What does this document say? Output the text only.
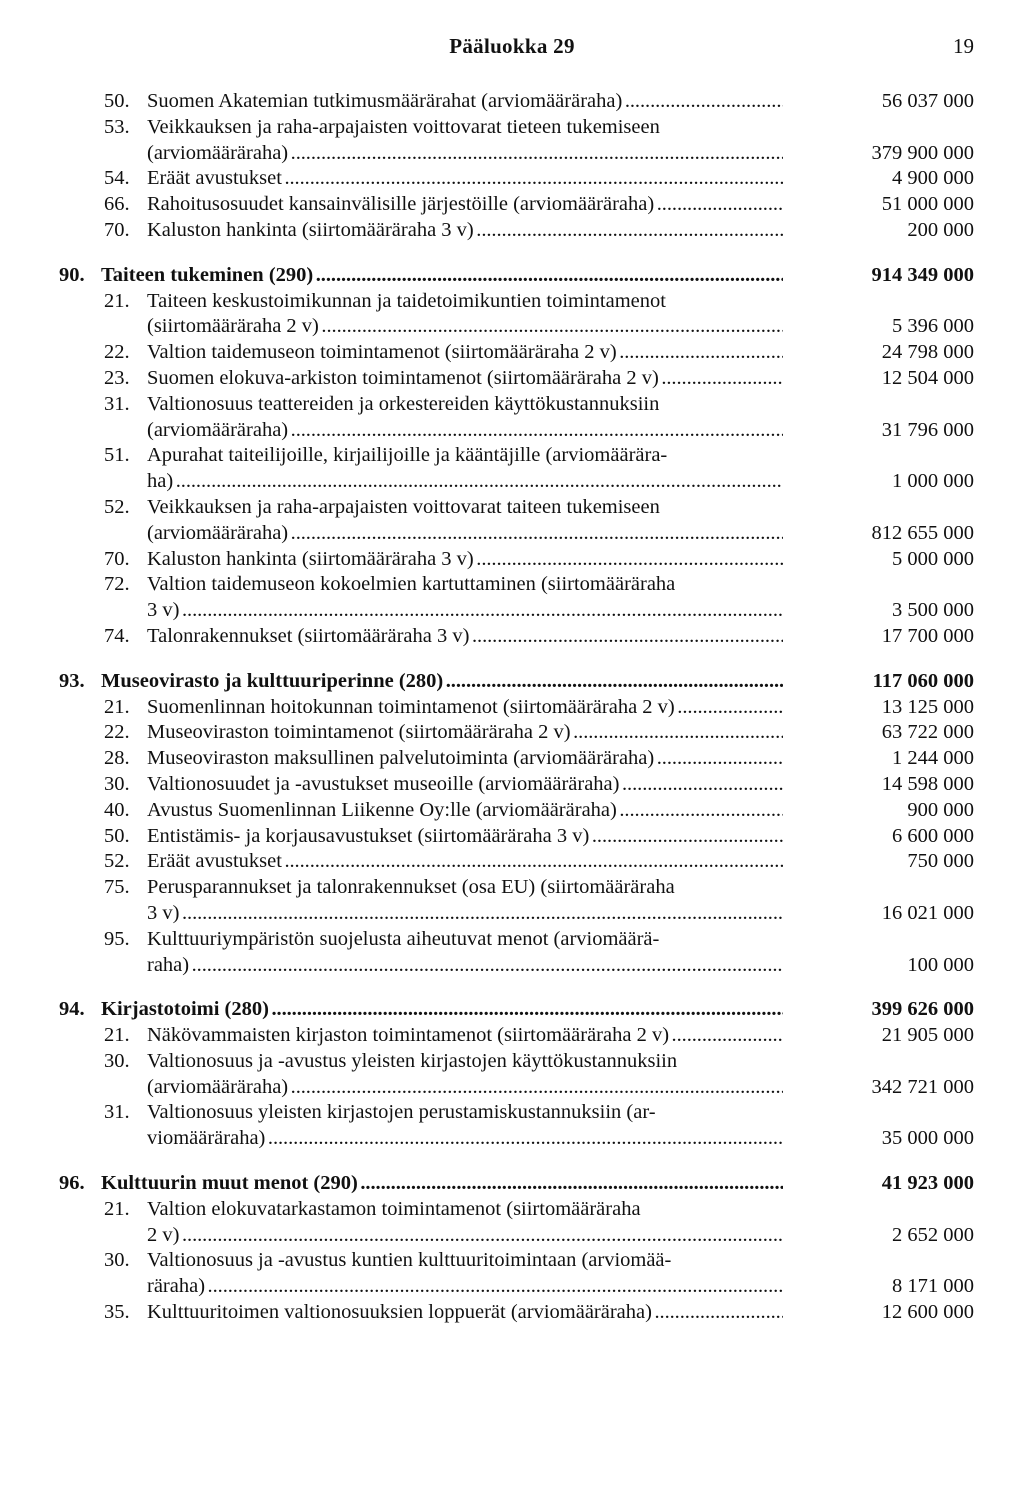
Pääluokka 29	19
50. Suomen Akatemian tutkimusmäärärahat (arviomääräraha) . . .	56 037 000
53. Veikkauksen ja raha-arpajaisten voittovarat tieteen tukemiseen
(arviomääräraha) . . .	379 900 000
54. Eräät avustukset . . .	4 900 000
66. Rahoitusosuudet kansainvälisille järjestöille (arviomääräraha) . . .	51 000 000
70. Kaluston hankinta (siirtomääräraha 3 v) . . .	200 000
90. Taiteen tukeminen (290) . . .	914 349 000
21. Taiteen keskustoimikunnan ja taidetoimikuntien toimintamenot
(siirtomääräraha 2 v) . . .	5 396 000
22. Valtion taidemuseon toimintamenot (siirtomääräraha 2 v) . . .	24 798 000
23. Suomen elokuva-arkiston toimintamenot (siirtomääräraha 2 v) . . .	12 504 000
31. Valtionosuus teattereiden ja orkestereiden käyttökustannuksiin
(arviomääräraha) . . .	31 796 000
51. Apurahat taiteilijoille, kirjailijoille ja kääntäjille (arviomäärära-
ha) . . .	1 000 000
52. Veikkauksen ja raha-arpajaisten voittovarat taiteen tukemiseen
(arviomääräraha) . . .	812 655 000
70. Kaluston hankinta (siirtomääräraha 3 v) . . .	5 000 000
72. Valtion taidemuseon kokoelmien kartuttaminen (siirtomääräraha
3 v) . . .	3 500 000
74. Talonrakennukset (siirtomääräraha 3 v) . . .	17 700 000
93. Museovirasto ja kulttuuriperinne (280) . . .	117 060 000
21. Suomenlinnan hoitokunnan toimintamenot (siirtomääräraha 2 v) . . .	13 125 000
22. Museoviraston toimintamenot (siirtomääräraha 2 v) . . .	63 722 000
28. Museoviraston maksullinen palvelutoiminta (arviomääräraha) . . .	1 244 000
30. Valtionosuudet ja -avustukset museoille (arviomääräraha) . . .	14 598 000
40. Avustus Suomenlinnan Liikenne Oy:lle (arviomääräraha) . . .	900 000
50. Entistämis- ja korjausavustukset (siirtomääräraha 3 v) . . .	6 600 000
52. Eräät avustukset . . .	750 000
75. Perusparannukset ja talonrakennukset (osa EU) (siirtomääräraha
3 v) . . .	16 021 000
95. Kulttuuriympäristön suojelusta aiheutuvat menot (arviomäärä-
raha) . . .	100 000
94. Kirjastotoimi (280) . . .	399 626 000
21. Näkövammaisten kirjaston toimintamenot (siirtomääräraha 2 v) . . .	21 905 000
30. Valtionosuus ja -avustus yleisten kirjastojen käyttökustannuksiin
(arviomääräraha) . . .	342 721 000
31. Valtionosuus yleisten kirjastojen perustamiskustannuksiin (ar-
viomääräraha) . . .	35 000 000
96. Kulttuurin muut menot (290) . . .	41 923 000
21. Valtion elokuvatarkastamon toimintamenot (siirtomääräraha
2 v) . . .	2 652 000
30. Valtionosuus ja -avustus kuntien kulttuuritoimintaan (arviomää-
räraha) . . .	8 171 000
35. Kulttuuritoimen valtionosuuksien loppuerät (arviomääräraha) . . .	12 600 000
